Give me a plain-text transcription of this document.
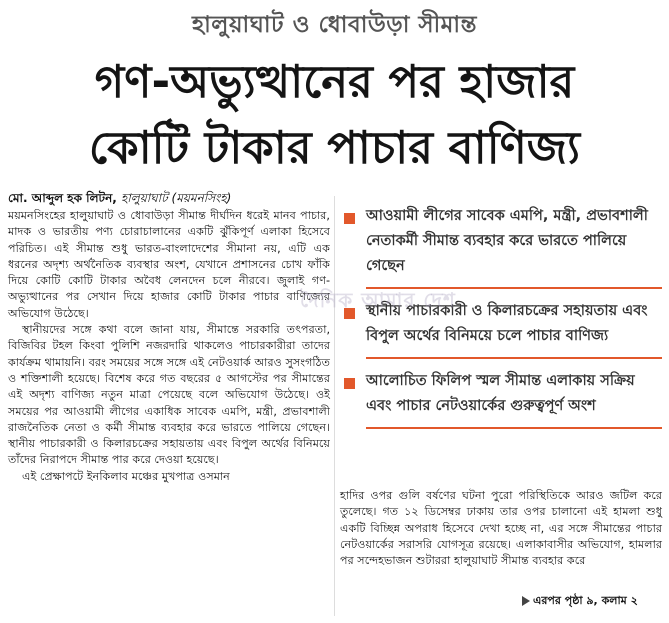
হালুয়াঘাট ও ধোবাউড়া সীমান্ত
গণ-অভ্যুত্থানের পর হাজার
কোটি টাকার পাচার বাণিজ্য
মো. আব্দুল হক লিটন, হালুয়াঘাট (ময়মনসিংহ)

ময়মনসিংহের হালুয়াঘাট ও ধোবাউড়া সীমান্ত দীর্ঘদিন ধরেই মানব পাচার, মাদক ও ভারতীয় পণ্য চোরাচালানের একটি ঝুঁকিপূর্ণ এলাকা হিসেবে পরিচিত। এই সীমান্ত শুধু ভারত-বাংলাদেশের সীমানা নয়, এটি এক ধরনের অদৃশ্য অর্থনৈতিক ব্যবস্থার অংশ, যেখানে প্রশাসনের চোখ ফাঁকি দিয়ে কোটি কোটি টাকার অবৈধ লেনদেন চলে নীরবে। জুলাই গণ-অভ্যুত্থানের পর সেখান দিয়ে হাজার কোটি টাকার পাচার বাণিজ্যের অভিযোগ উঠেছে।

স্থানীয়দের সঙ্গে কথা বলে জানা যায়, সীমান্তে সরকারি তৎপরতা, বিজিবির টহল কিংবা পুলিশি নজরদারি থাকলেও পাচারকারীরা তাদের কার্যক্রম থামায়নি। বরং সময়ের সঙ্গে সঙ্গে এই নেটওয়ার্ক আরও সুসংগঠিত ও শক্তিশালী হয়েছে। বিশেষ করে গত বছরের ৫ আগস্টের পর সীমান্তের এই অদৃশ্য বাণিজ্য নতুন মাত্রা পেয়েছে বলে অভিযোগ উঠেছে। ওই সময়ের পর আওয়ামী লীগের একাধিক সাবেক এমপি, মন্ত্রী, প্রভাবশালী রাজনৈতিক নেতা ও কর্মী সীমান্ত ব্যবহার করে ভারতে পালিয়ে গেছেন। স্থানীয় পাচারকারী ও কিলারচক্রের সহায়তায় এবং বিপুল অর্থের বিনিময়ে তাঁদের নিরাপদে সীমান্ত পার করে দেওয়া হয়েছে।

এই প্রেক্ষাপটে ইনকিলাব মঞ্চের মুখপাত্র ওসমান

আওয়ামী লীগের সাবেক এমপি, মন্ত্রী, প্রভাবশালী নেতাকর্মী সীমান্ত ব্যবহার করে ভারতে পালিয়ে গেছেন
স্থানীয় পাচারকারী ও কিলারচক্রের সহায়তায় এবং বিপুল অর্থের বিনিময়ে চলে পাচার বাণিজ্য
আলোচিত ফিলিপ স্মল সীমান্ত এলাকায় সক্রিয় এবং পাচার নেটওয়ার্কের গুরুত্বপূর্ণ অংশ
দৈনিক আমার দেশ
হাদির ওপর গুলি বর্ষণের ঘটনা পুরো পরিস্থিতিকে আরও জটিল করে তুলেছে। গত ১২ ডিসেম্বর ঢাকায় তার ওপর চালানো এই হামলা শুধু একটি বিচ্ছিন্ন অপরাধ হিসেবে দেখা হচ্ছে না, এর সঙ্গে সীমান্তের পাচার নেটওয়ার্কের সরাসরি যোগসূত্র রয়েছে। এলাকাবাসীর অভিযোগ, হামলার পর সন্দেহভাজন শুটাররা হালুয়াঘাট সীমান্ত ব্যবহার করে
এরপর পৃষ্ঠা ৯, কলাম ২
